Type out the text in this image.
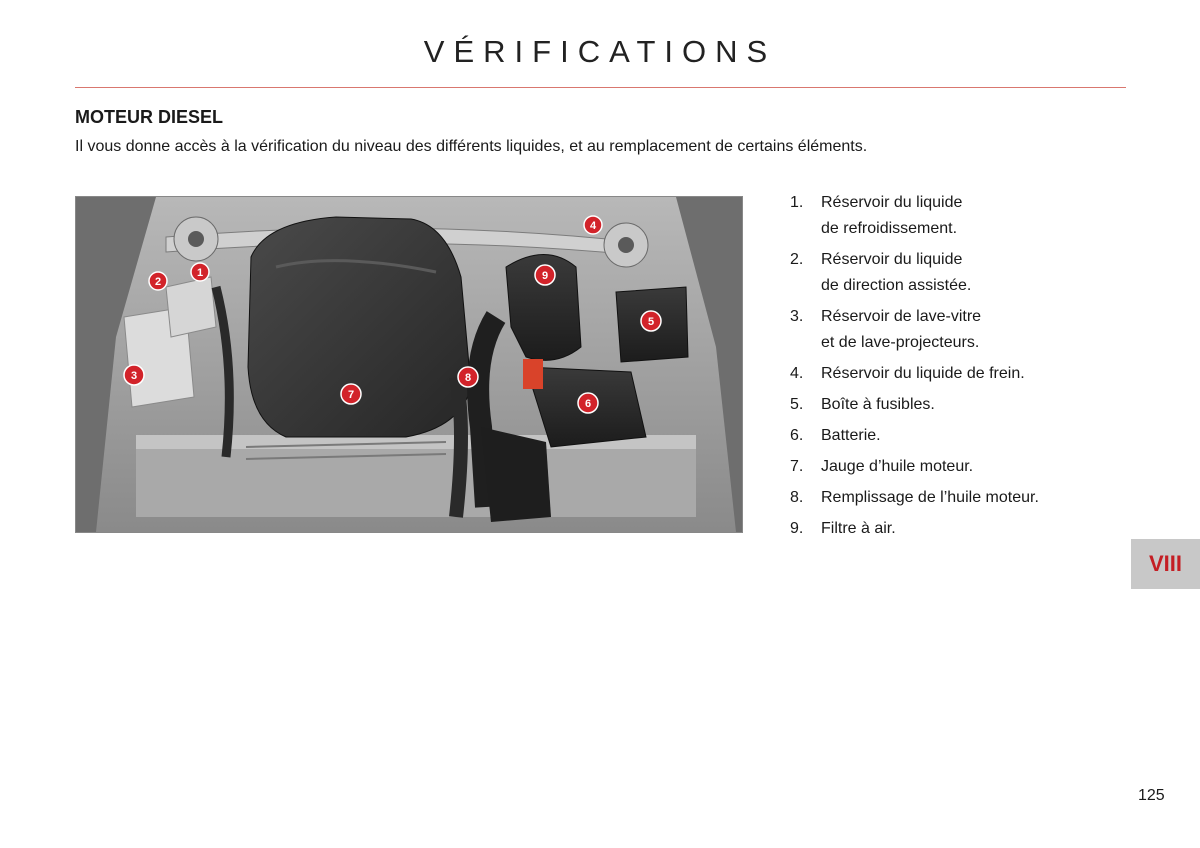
VÉRIFICATIONS
MOTEUR DIESEL
Il vous donne accès à la vérification du niveau des différents liquides, et au remplacement de certains éléments.
1
2
3
4
5
6
7
8
9
1. Réservoir du liquide
de refroidissement.
2. Réservoir du liquide
de direction assistée.
3. Réservoir de lave-vitre
et de lave-projecteurs.
4. Réservoir du liquide de frein.
5. Boîte à fusibles.
6. Batterie.
7. Jauge d’huile moteur.
8. Remplissage de l’huile moteur.
9. Filtre à air.
VIII
125
